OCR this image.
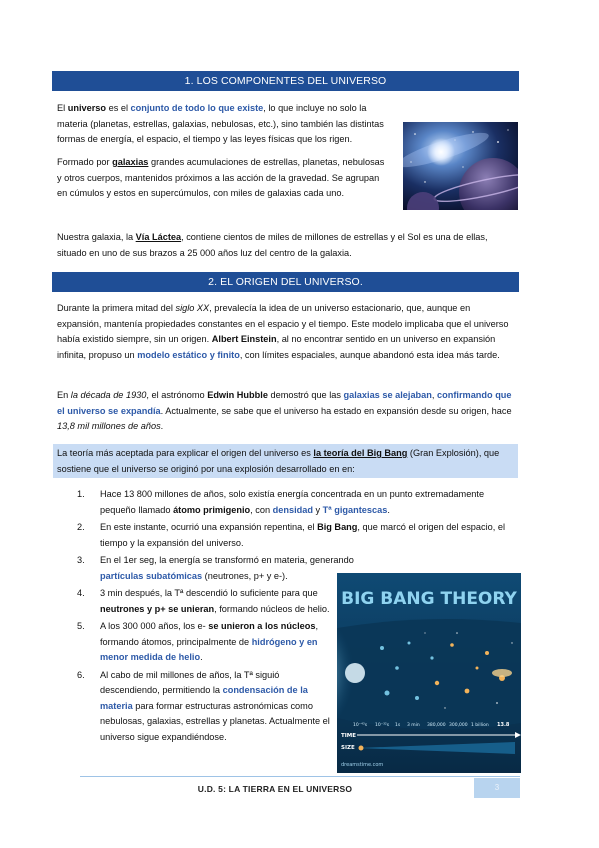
1. LOS COMPONENTES DEL UNIVERSO
El universo es el conjunto de todo lo que existe, lo que incluye no solo la materia (planetas, estrellas, galaxias, nebulosas, etc.), sino también las distintas formas de energía, el espacio, el tiempo y las leyes físicas que los rigen.
Formado por galaxias grandes acumulaciones de estrellas, planetas, nebulosas y otros cuerpos, mantenidos próximos a las acción de la gravedad. Se agrupan en cúmulos y estos en supercúmulos, con miles de galaxias cada uno.
Nuestra galaxia, la Vía Láctea, contiene cientos de miles de millones de estrellas y el Sol es una de ellas, situado en uno de sus brazos a 25 000 años luz del centro de la galaxia.
2. EL ORIGEN DEL UNIVERSO.
Durante la primera mitad del siglo XX, prevalecía la idea de un universo estacionario, que, aunque en expansión, mantenía propiedades constantes en el espacio y el tiempo. Este modelo implicaba que el universo había existido siempre, sin un origen. Albert Einstein, al no encontrar sentido en un universo en expansión infinita, propuso un modelo estático y finito, con límites espaciales, aunque abandonó esta idea más tarde.
En la década de 1930, el astrónomo Edwin Hubble demostró que las galaxias se alejaban, confirmando que el universo se expandía. Actualmente, se sabe que el universo ha estado en expansión desde su origen, hace 13,8 mil millones de años.
La teoría más aceptada para explicar el origen del universo es la teoría del Big Bang (Gran Explosión), que sostiene que el universo se originó por una explosión desarrollado en en:
1. Hace 13 800 millones de años, solo existía energía concentrada en un punto extremadamente pequeño llamado átomo primigenio, con densidad y Tª gigantescas.
2. En este instante, ocurrió una expansión repentina, el Big Bang, que marcó el origen del espacio, el tiempo y la expansión del universo.
3. En el 1er seg, la energía se transformó en materia, generando partículas subatómicas (neutrones, p+ y e-).
4. 3 min después, la Tª descendió lo suficiente para que neutrones y p+ se unieran, formando núcleos de helio.
5. A los 300 000 años, los e- se unieron a los núcleos, formando átomos, principalmente de hidrógeno y en menor medida de helio.
6. Al cabo de mil millones de años, la Tª siguió descendiendo, permitiendo la condensación de la materia para formar estructuras astronómicas como nebulosas, galaxias, estrellas y planetas. Actualmente el universo sigue expandiéndose.
BIG BANG THEORY
10⁻⁴³s 10⁻³²s 1s 3 min 380,000 300,000 1 billion 13.8
TIME
SIZE
dreamstime.com
U.D. 5: LA TIERRA EN EL UNIVERSO	3
